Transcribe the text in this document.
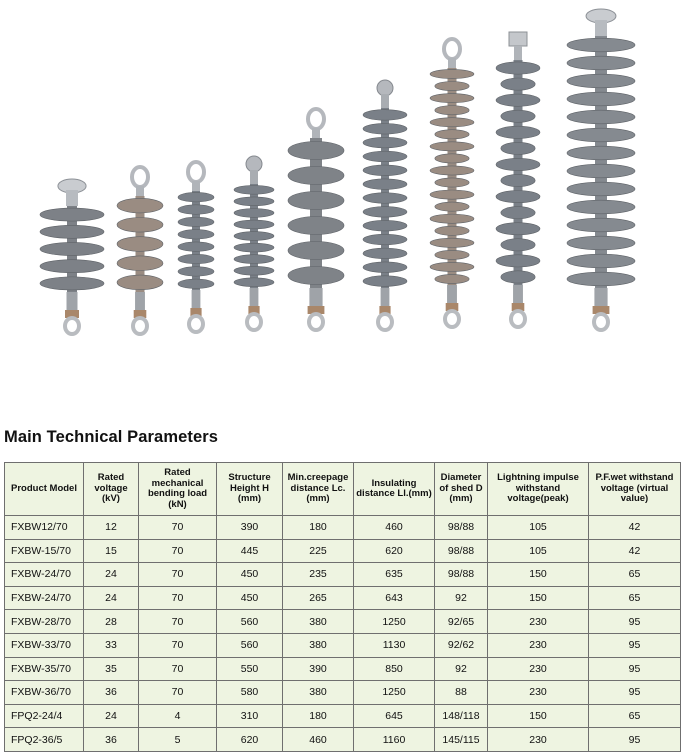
Main Technical Parameters
Product Model	Rated voltage (kV)	Rated mechanical bending load (kN)	Structure Height H (mm)	Min.creepage distance Lc.(mm)	Insulating distance Ll.(mm)	Diameter of shed D (mm)	Lightning impulse withstand voltage(peak)	P.F.wet withstand voltage (virtual value)
FXBW12/70	12	70	390	180	460	98/88	105	42
FXBW-15/70	15	70	445	225	620	98/88	105	42
FXBW-24/70	24	70	450	235	635	98/88	150	65
FXBW-24/70	24	70	450	265	643	92	150	65
FXBW-28/70	28	70	560	380	1250	92/65	230	95
FXBW-33/70	33	70	560	380	1130	92/62	230	95
FXBW-35/70	35	70	550	390	850	92	230	95
FXBW-36/70	36	70	580	380	1250	88	230	95
FPQ2-24/4	24	4	310	180	645	148/118	150	65
FPQ2-36/5	36	5	620	460	1160	145/115	230	95
